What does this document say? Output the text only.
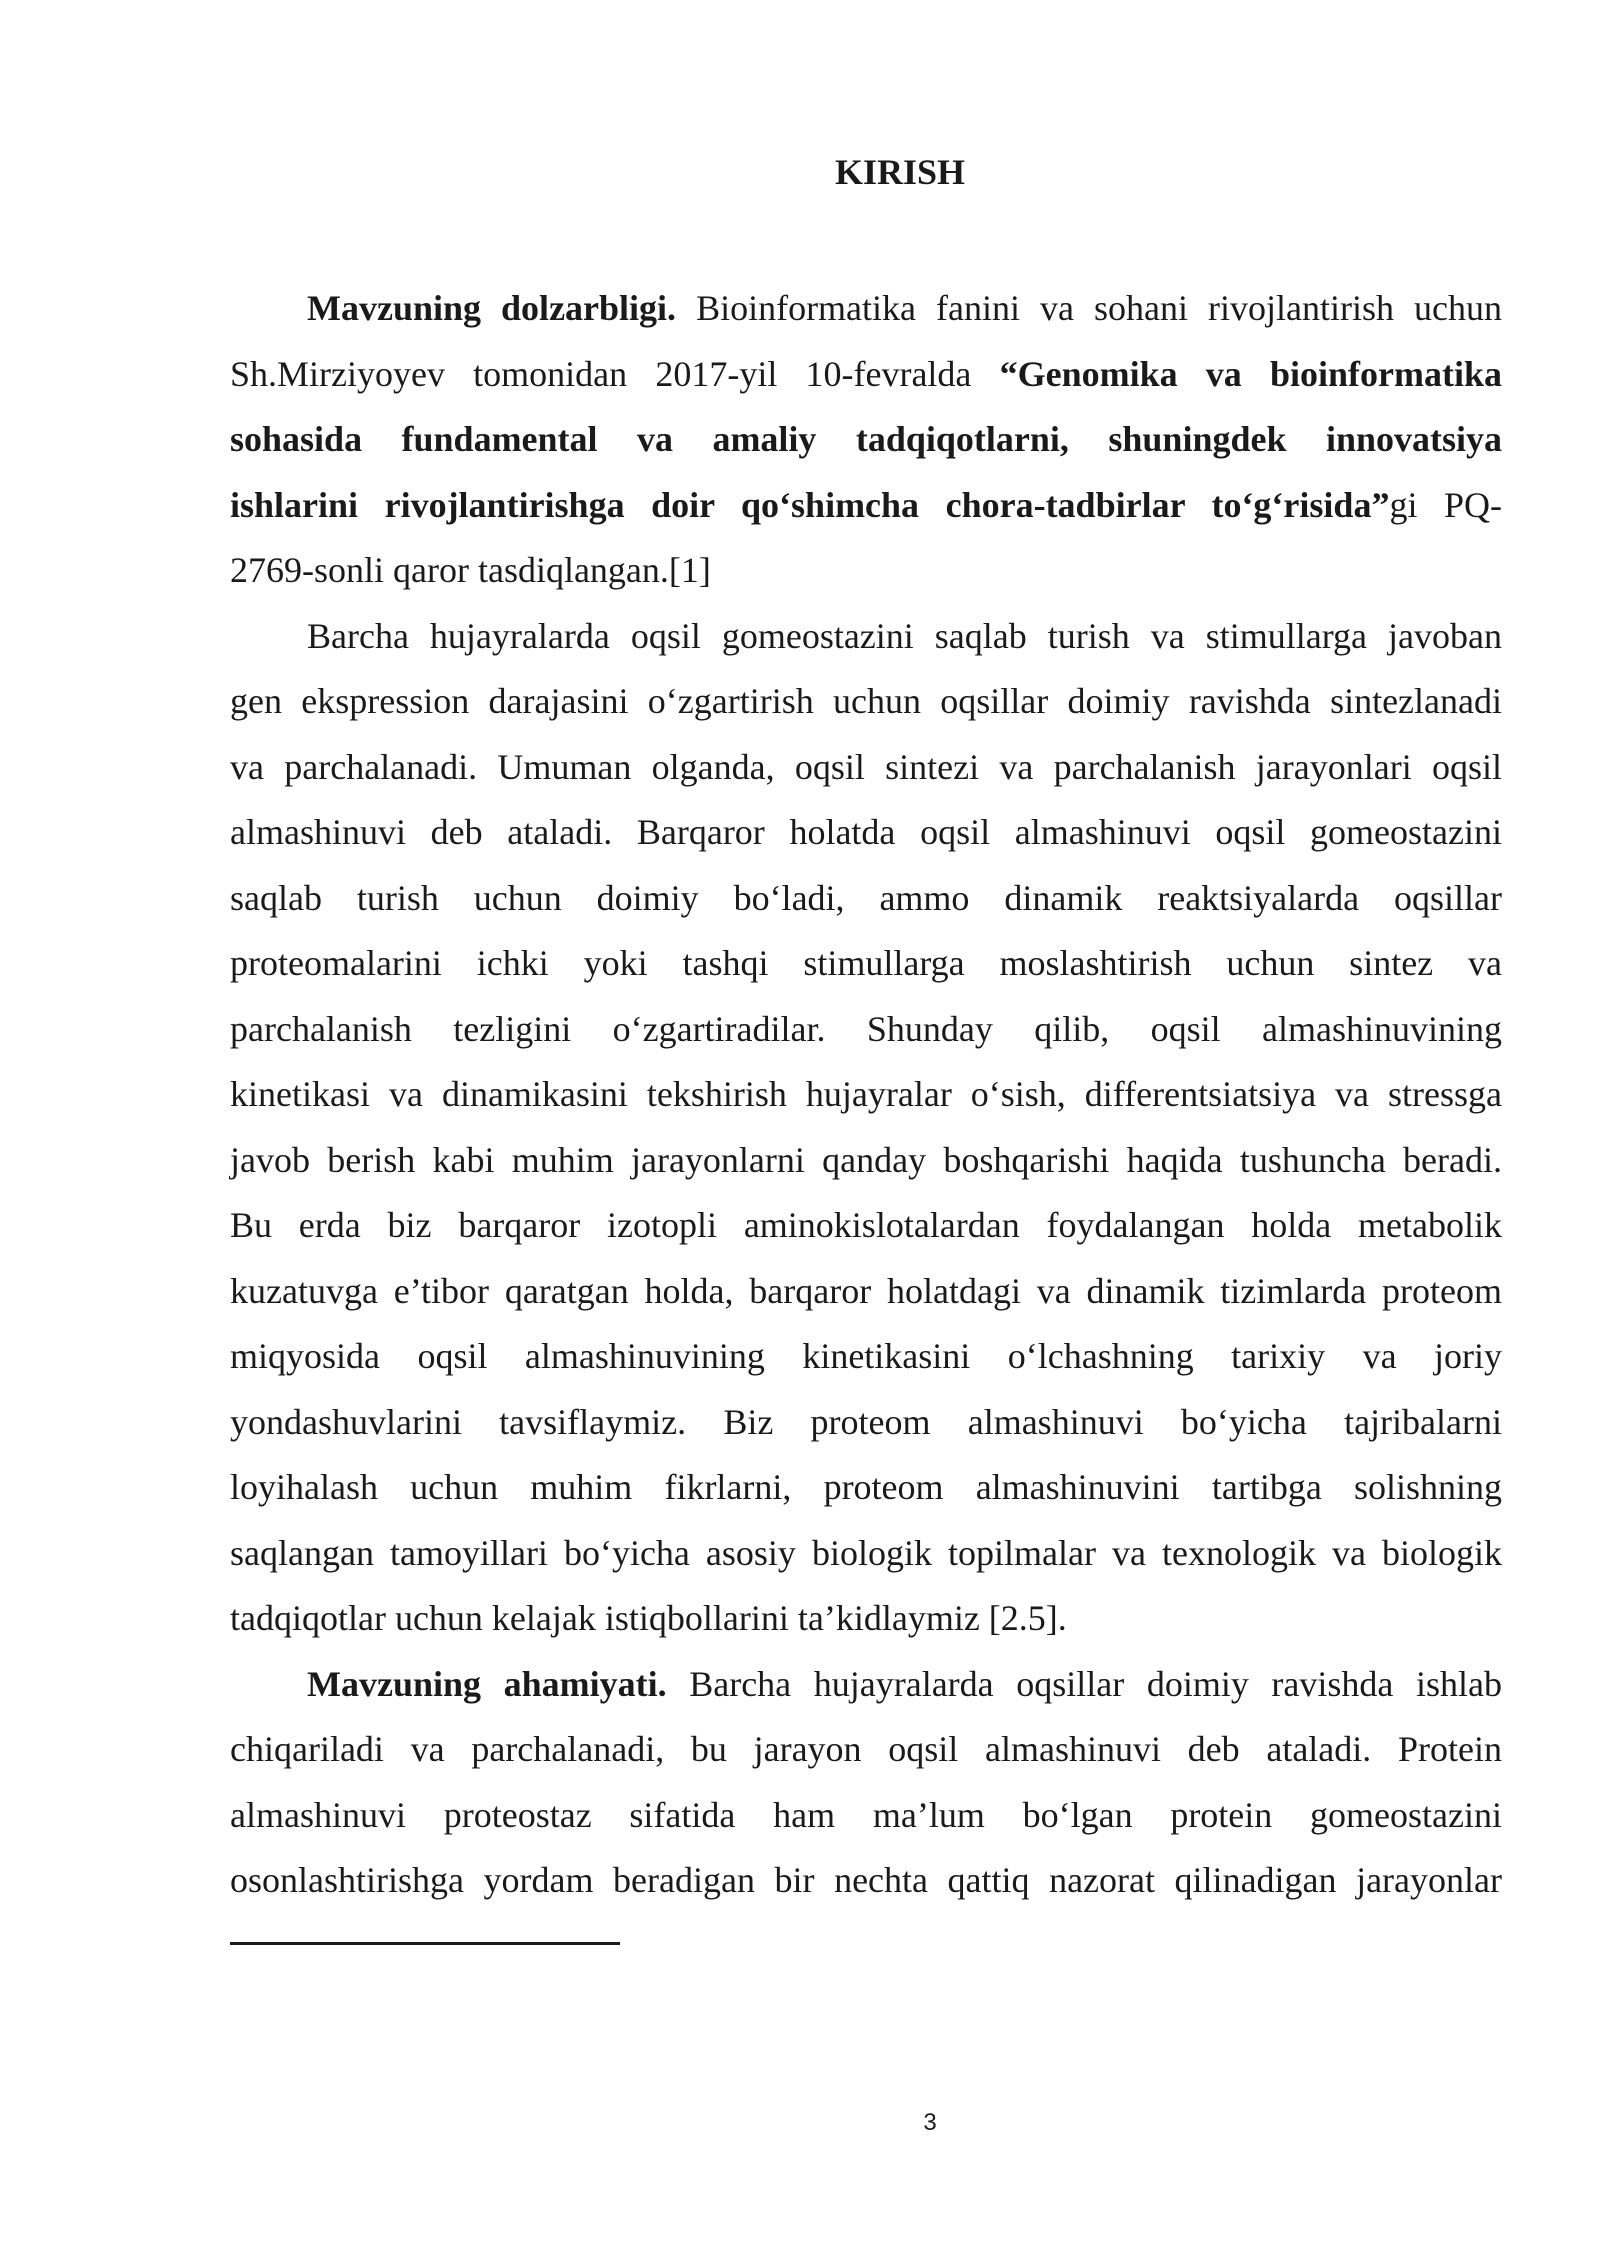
KIRISH
Mavzuning dolzarbligi. Bioinformatika fanini va sohani rivojlantirish uchun
Sh.Mirziyoyev tomonidan 2017-yil 10-fevralda “Genomika va bioinformatika
sohasida fundamental va amaliy tadqiqotlarni, shuningdek innovatsiya
ishlarini rivojlantirishga doir qo‘shimcha chora-tadbirlar to‘g‘risida”gi PQ-
2769-sonli qaror tasdiqlangan.[1]
Barcha hujayralarda oqsil gomeostazini saqlab turish va stimullarga javoban
gen ekspression darajasini o‘zgartirish uchun oqsillar doimiy ravishda sintezlanadi
va parchalanadi. Umuman olganda, oqsil sintezi va parchalanish jarayonlari oqsil
almashinuvi deb ataladi. Barqaror holatda oqsil almashinuvi oqsil gomeostazini
saqlab turish uchun doimiy bo‘ladi, ammo dinamik reaktsiyalarda oqsillar
proteomalarini ichki yoki tashqi stimullarga moslashtirish uchun sintez va
parchalanish tezligini o‘zgartiradilar. Shunday qilib, oqsil almashinuvining
kinetikasi va dinamikasini tekshirish hujayralar o‘sish, differentsiatsiya va stressga
javob berish kabi muhim jarayonlarni qanday boshqarishi haqida tushuncha beradi.
Bu erda biz barqaror izotopli aminokislotalardan foydalangan holda metabolik
kuzatuvga e’tibor qaratgan holda, barqaror holatdagi va dinamik tizimlarda proteom
miqyosida oqsil almashinuvining kinetikasini o‘lchashning tarixiy va joriy
yondashuvlarini tavsiflaymiz. Biz proteom almashinuvi bo‘yicha tajribalarni
loyihalash uchun muhim fikrlarni, proteom almashinuvini tartibga solishning
saqlangan tamoyillari bo‘yicha asosiy biologik topilmalar va texnologik va biologik
tadqiqotlar uchun kelajak istiqbollarini ta’kidlaymiz [2.5].
Mavzuning ahamiyati. Barcha hujayralarda oqsillar doimiy ravishda ishlab
chiqariladi va parchalanadi, bu jarayon oqsil almashinuvi deb ataladi. Protein
almashinuvi proteostaz sifatida ham ma’lum bo‘lgan protein gomeostazini
osonlashtirishga yordam beradigan bir nechta qattiq nazorat qilinadigan jarayonlar
3
